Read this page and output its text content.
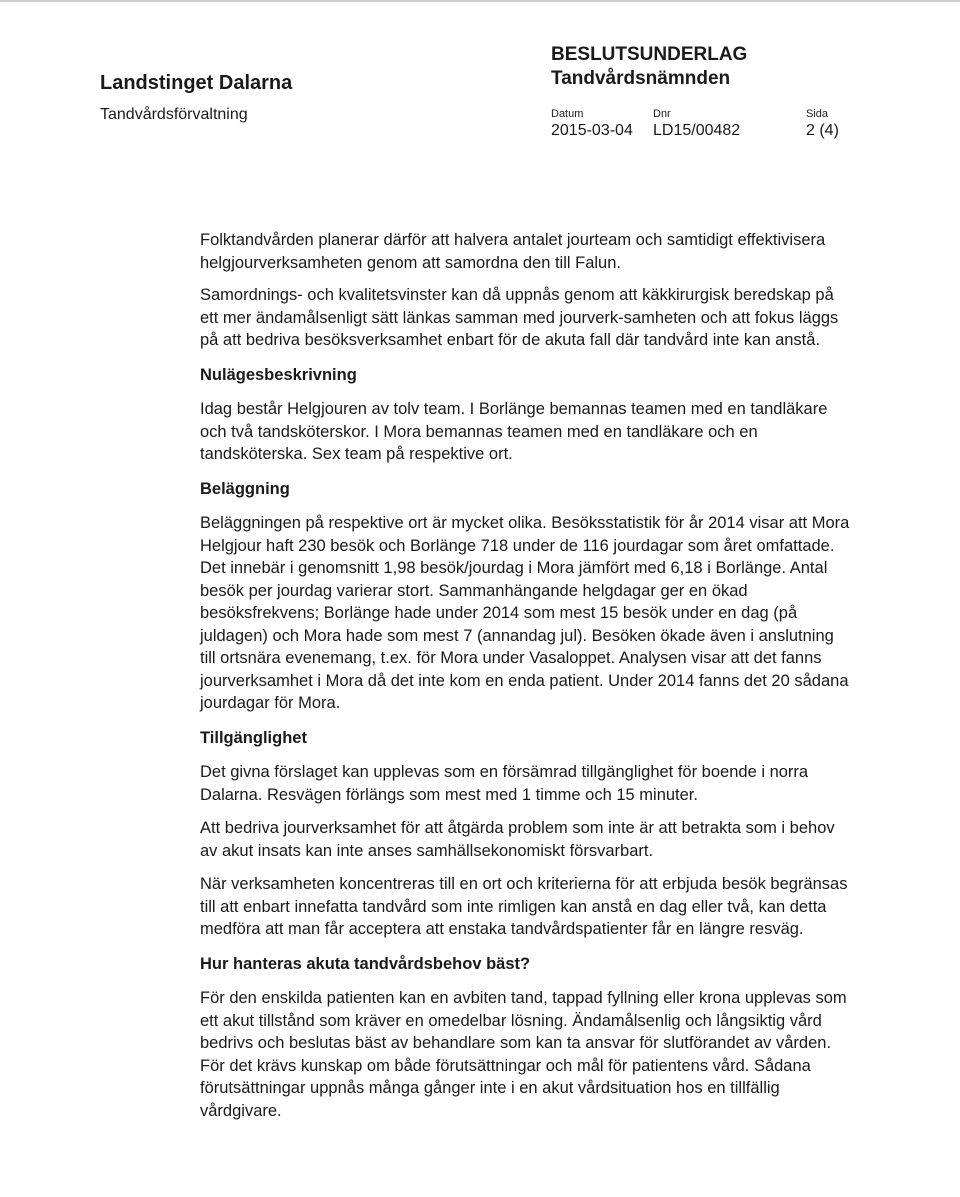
Landstinget Dalarna
Tandvårdsförvaltning
BESLUTSUNDERLAG
Tandvårdsnämnden
Datum	Dnr	Sida
2015-03-04 LD15/00482	2 (4)

Folktandvården planerar därför att halvera antalet jourteam och samtidigt effektivisera helgjourverksamheten genom att samordna den till Falun.

Samordnings- och kvalitetsvinster kan då uppnås genom att käkkirurgisk beredskap på ett mer ändamålsenligt sätt länkas samman med jourverk-samheten och att fokus läggs på att bedriva besöksverksamhet enbart för de akuta fall där tandvård inte kan anstå.

Nulägesbeskrivning

Idag består Helgjouren av tolv team. I Borlänge bemannas teamen med en tandläkare och två tandsköterskor. I Mora bemannas teamen med en tandläkare och en tandsköterska. Sex team på respektive ort.

Beläggning

Beläggningen på respektive ort är mycket olika. Besöksstatistik för år 2014 visar att Mora Helgjour haft 230 besök och Borlänge 718 under de 116 jourdagar som året omfattade. Det innebär i genomsnitt 1,98 besök/jourdag i Mora jämfört med 6,18 i Borlänge. Antal besök per jourdag varierar stort. Sammanhängande helgdagar ger en ökad besöksfrekvens; Borlänge hade under 2014 som mest 15 besök under en dag (på juldagen) och Mora hade som mest 7 (annandag jul). Besöken ökade även i anslutning till ortsnära evenemang, t.ex. för Mora under Vasaloppet. Analysen visar att det fanns jourverksamhet i Mora då det inte kom en enda patient. Under 2014 fanns det 20 sådana jourdagar för Mora.

Tillgänglighet

Det givna förslaget kan upplevas som en försämrad tillgänglighet för boende i norra Dalarna. Resvägen förlängs som mest med 1 timme och 15 minuter.

Att bedriva jourverksamhet för att åtgärda problem som inte är att betrakta som i behov av akut insats kan inte anses samhällsekonomiskt försvarbart.

När verksamheten koncentreras till en ort och kriterierna för att erbjuda besök begränsas till att enbart innefatta tandvård som inte rimligen kan anstå en dag eller två, kan detta medföra att man får acceptera att enstaka tandvårdspatienter får en längre resväg.

Hur hanteras akuta tandvårdsbehov bäst?

För den enskilda patienten kan en avbiten tand, tappad fyllning eller krona upplevas som ett akut tillstånd som kräver en omedelbar lösning. Ändamålsenlig och långsiktig vård bedrivs och beslutas bäst av behandlare som kan ta ansvar för slutförandet av vården. För det krävs kunskap om både förutsättningar och mål för patientens vård. Sådana förutsättningar uppnås många gånger inte i en akut vårdsituation hos en tillfällig vårdgivare.
